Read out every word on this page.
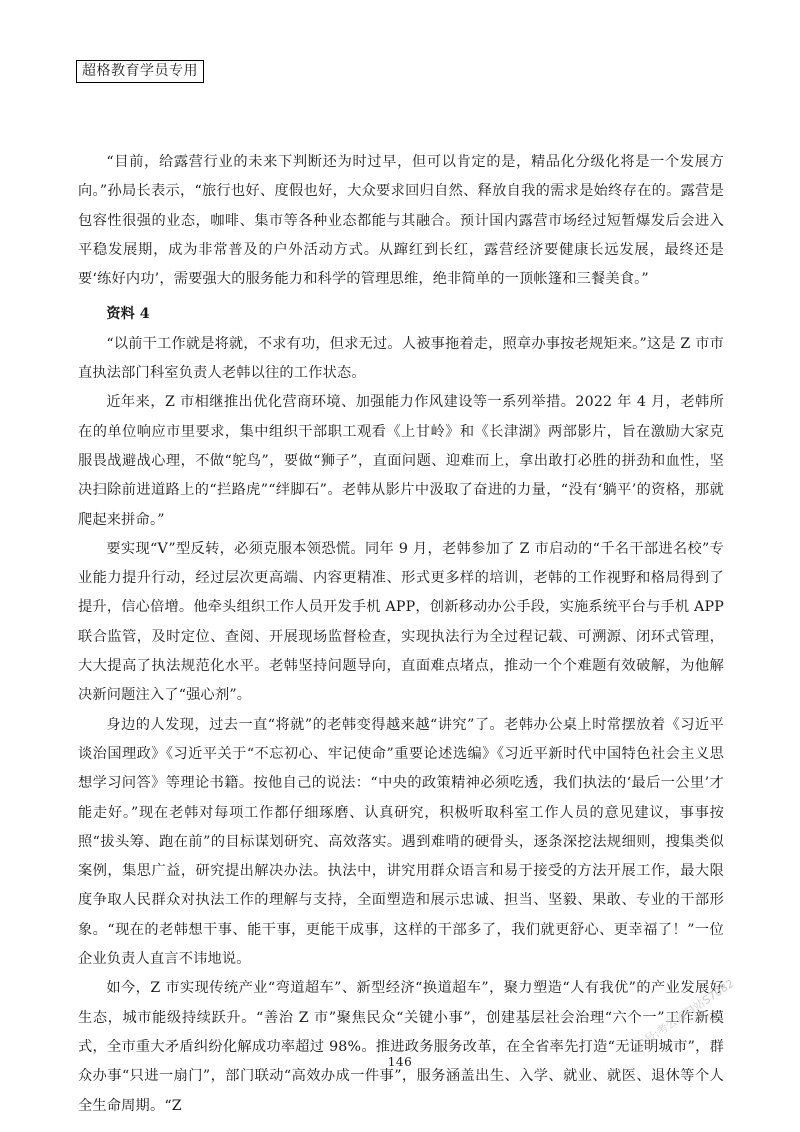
超格教育学员专用

“目前，给露营行业的未来下判断还为时过早，但可以肯定的是，精品化分级化将是一个发展方向。”孙局长表示，“旅行也好、度假也好，大众要求回归自然、释放自我的需求是始终存在的。露营是包容性很强的业态，咖啡、集市等各种业态都能与其融合。预计国内露营市场经过短暂爆发后会进入平稳发展期，成为非常普及的户外活动方式。从蹿红到长红，露营经济要健康长远发展，最终还是要‘练好内功’，需要强大的服务能力和科学的管理思维，绝非简单的一顶帐篷和三餐美食。”

资料 4

“以前干工作就是将就，不求有功，但求无过。人被事拖着走，照章办事按老规矩来。”这是 Z 市市直执法部门科室负责人老韩以往的工作状态。

近年来，Z 市相继推出优化营商环境、加强能力作风建设等一系列举措。2022 年 4 月，老韩所在的单位响应市里要求，集中组织干部职工观看《上甘岭》和《长津湖》两部影片，旨在激励大家克服畏战避战心理，不做“鸵鸟”，要做“狮子”，直面问题、迎难而上，拿出敢打必胜的拼劲和血性，坚决扫除前进道路上的“拦路虎”“绊脚石”。老韩从影片中汲取了奋进的力量，“没有‘躺平’的资格，那就爬起来拼命。”

要实现“V”型反转，必须克服本领恐慌。同年 9 月，老韩参加了 Z 市启动的“千名干部进名校”专业能力提升行动，经过层次更高端、内容更精准、形式更多样的培训，老韩的工作视野和格局得到了提升，信心倍增。他牵头组织工作人员开发手机 APP，创新移动办公手段，实施系统平台与手机 APP 联合监管，及时定位、查阅、开展现场监督检查，实现执法行为全过程记载、可溯源、闭环式管理，大大提高了执法规范化水平。老韩坚持问题导向，直面难点堵点，推动一个个难题有效破解，为他解决新问题注入了“强心剂”。

身边的人发现，过去一直“将就”的老韩变得越来越“讲究”了。老韩办公桌上时常摆放着《习近平谈治国理政》《习近平关于“不忘初心、牢记使命”重要论述选编》《习近平新时代中国特色社会主义思想学习问答》等理论书籍。按他自己的说法：“中央的政策精神必须吃透，我们执法的‘最后一公里’才能走好。”现在老韩对每项工作都仔细琢磨、认真研究，积极听取科室工作人员的意见建议，事事按照“拔头筹、跑在前”的目标谋划研究、高效落实。遇到难啃的硬骨头，逐条深挖法规细则，搜集类似案例，集思广益，研究提出解决办法。执法中，讲究用群众语言和易于接受的方法开展工作，最大限度争取人民群众对执法工作的理解与支持，全面塑造和展示忠诚、担当、坚毅、果敢、专业的干部形象。“现在的老韩想干事、能干事，更能干成事，这样的干部多了，我们就更舒心、更幸福了！”一位企业负责人直言不讳地说。

如今，Z 市实现传统产业“弯道超车”、新型经济“换道超车”，聚力塑造“人有我优”的产业发展好生态，城市能级持续跃升。“善治 Z 市”聚焦民众“关键小事”，创建基层社会治理“六个一”工作新模式，全市重大矛盾纠纷化解成功率超过 98%。推进政务服务改革，在全省率先打造“无证明城市”，群众办事“只进一扇门”，部门联动“高效办成一件事”，服务涵盖出生、入学、就业、就医、退休等个人全生命周期。“Z

146
公号:考公资料站S7082
